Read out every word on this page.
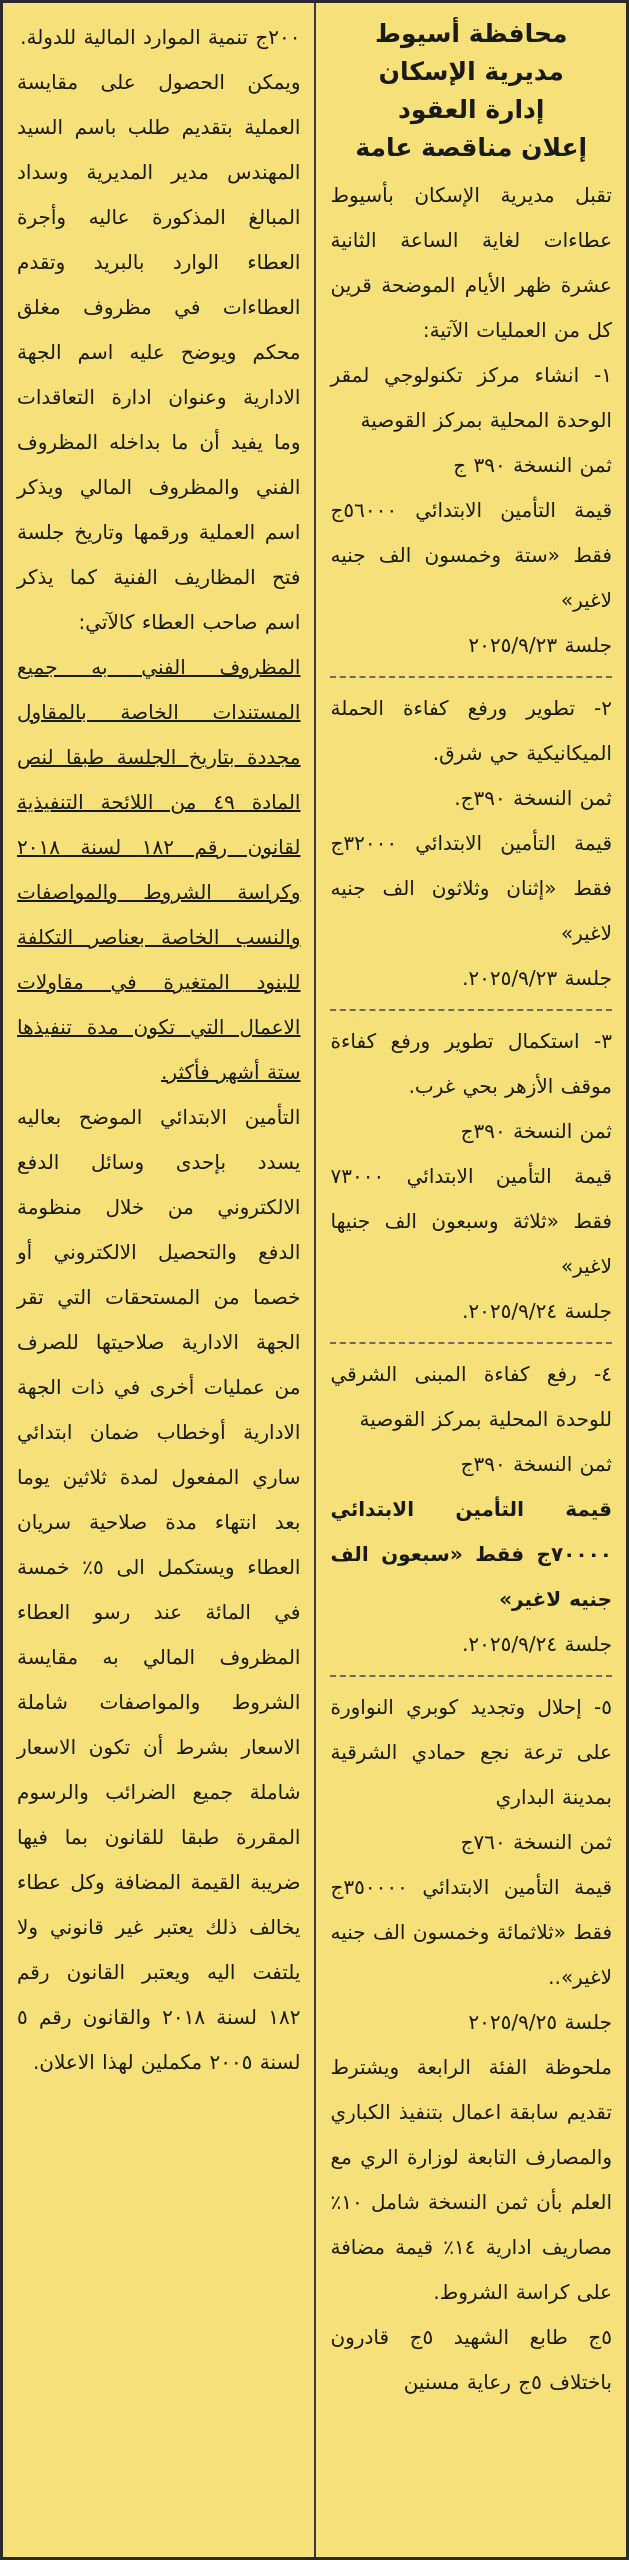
محافظة أسيوط

مديرية الإسكان

إدارة العقود

إعلان مناقصة عامة

تقبل مديرية الإسكان بأسيوط عطاءات لغاية الساعة الثانية عشرة ظهر الأيام الموضحة قرين كل من العمليات الآتية:

١- انشاء مركز تكنولوجي لمقر الوحدة المحلية بمركز القوصية

ثمن النسخة ٣٩٠ ج

قيمة التأمين الابتدائي ٥٦٠٠٠ج فقط «ستة وخمسون الف جنيه لاغير»

جلسة ٢٠٢٥/٩/٢٣

٢- تطوير ورفع كفاءة الحملة الميكانيكية حي شرق.

ثمن النسخة ٣٩٠ج.

قيمة التأمين الابتدائي ٣٢٠٠٠ج فقط «إثنان وثلاثون الف جنيه لاغير»

جلسة ٢٠٢٥/٩/٢٣.

٣- استكمال تطوير ورفع كفاءة موقف الأزهر بحي غرب.

ثمن النسخة ٣٩٠ج

قيمة التأمين الابتدائي ٧٣٠٠٠ فقط «ثلاثة وسبعون الف جنيها لاغير»

جلسة ٢٠٢٥/٩/٢٤.

٤- رفع كفاءة المبنى الشرقي للوحدة المحلية بمركز القوصية

ثمن النسخة ٣٩٠ج

قيمة التأمين الابتدائي ٧٠٠٠٠ج فقط «سبعون الف جنيه لاغير»

جلسة ٢٠٢٥/٩/٢٤.

٥- إحلال وتجديد كوبري النواورة على ترعة نجع حمادي الشرقية بمدينة البداري

ثمن النسخة ٧٦٠ج

قيمة التأمين الابتدائي ٣٥٠٠٠٠ج فقط «ثلاثمائة وخمسون الف جنيه لاغير»..

جلسة ٢٠٢٥/٩/٢٥

ملحوظة الفئة الرابعة ويشترط تقديم سابقة اعمال بتنفيذ الكباري والمصارف التابعة لوزارة الري مع العلم بأن ثمن النسخة شامل ١٠٪ مصاريف ادارية ١٤٪ قيمة مضافة على كراسة الشروط.

٥ج طابع الشهيد ٥ج قادرون باختلاف ٥ج رعاية مسنين

٢٠٠ج تنمية الموارد المالية للدولة.

ويمكن الحصول على مقايسة العملية بتقديم طلب باسم السيد المهندس مدير المديرية وسداد المبالغ المذكورة عاليه وأجرة العطاء الوارد بالبريد وتقدم العطاءات في مظروف مغلق محكم ويوضح عليه اسم الجهة الادارية وعنوان ادارة التعاقدات وما يفيد أن ما بداخله المظروف الفني والمظروف المالي ويذكر اسم العملية ورقمها وتاريخ جلسة فتح المظاريف الفنية كما يذكر اسم صاحب العطاء كالآتي:

المظروف الفني به جميع المستندات الخاصة بالمقاول مجددة بتاريخ الجلسة طبقا لنص المادة ٤٩ من اللائحة التنفيذية لقانون رقم ١٨٢ لسنة ٢٠١٨ وكراسة الشروط والمواصفات والنسب الخاصة بعناصر التكلفة للبنود المتغيرة في مقاولات الاعمال التي تكون مدة تنفيذها ستة أشهر فأكثر.

التأمين الابتدائي الموضح بعاليه يسدد بإحدى وسائل الدفع الالكتروني من خلال منظومة الدفع والتحصيل الالكتروني أو خصما من المستحقات التي تقر الجهة الادارية صلاحيتها للصرف من عمليات أخرى في ذات الجهة الادارية أوخطاب ضمان ابتدائي ساري المفعول لمدة ثلاثين يوما بعد انتهاء مدة صلاحية سريان العطاء ويستكمل الى ٥٪ خمسة في المائة عند رسو العطاء المظروف المالي به مقايسة الشروط والمواصفات شاملة الاسعار بشرط أن تكون الاسعار شاملة جميع الضرائب والرسوم المقررة طبقا للقانون بما فيها ضريبة القيمة المضافة وكل عطاء يخالف ذلك يعتبر غير قانوني ولا يلتفت اليه ويعتبر القانون رقم ١٨٢ لسنة ٢٠١٨ والقانون رقم ٥ لسنة ٢٠٠٥ مكملين لهذا الاعلان.
